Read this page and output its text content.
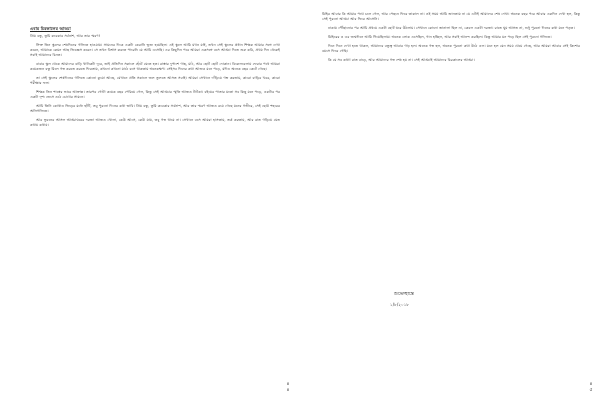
এবার চিরকালের আড্ডা
প্রিয় বন্ধু, তুমি কবেকার সর্বনাশ, আর তার স্মরণ!
সিক্ত তিন স্কুলের শেষদিনের গলিতে হাওয়ায়। সামনের দিকে একটা কেরানি ভূত্য হয়েছিল। এই স্কুলে আমি যখন যাই, তখন সেই স্কুলের প্রধান শিক্ষক আমার সঙ্গে দেখা করেন, আমাকে কেমন আছ জিজ্ঞেস করেন। সে তখন বিশ্বাস করতে পারেনি যে আমি এসেছি। এর কিছুদিন পরে আমরা একসঙ্গে বসে আড্ডা দিতে শুরু করি, প্রথম দিন থেকেই সবাই আমাদের চিনত।
বাবার স্কুল থেকে আমাদের বাড়ি খানিকটা দূরে, তাই প্রতিদিন সকালে হেঁটে যেতে হত। রাস্তার দুপাশে গাছ, মাঠ, আর ছোট ছোট দোকান। বিকেলবেলায় ফেরার পথে আমরা কয়েকজন বন্ধু মিলে গল্প করতে করতে ফিরতাম, কখনো কখনো মাঠে বসে থাকতাম অনেকক্ষণ। সেইসব দিনের কথা আজও মনে পড়ে, যদিও অনেক বছর কেটে গেছে।
তা সেই স্কুলের শেষদিনের গলিতে কোনো কুয়ো আছে, যেখানে প্রতি সকালে জল তুলতে আসত সবাই। আমরা সেখানে দাঁড়িয়ে গল্প করতাম, কারো বাড়ির খবর, কারো পরীক্ষার ফল।
শিক্ষক তিন শাস্ত্রের ভারে আক্রান্ত। তারপর গোটা কয়েক বছর পেরিয়ে গেল, কিন্তু সেই আড্ডার স্মৃতি আজও টাটকা। বইয়ের পাতার মতো সব কিছু মনে পড়ে, একটার পর একটা দৃশ্য ভেসে ওঠে চোখের সামনে।
আমি তিনি কোথাও ভিড়ের মধ্যে হাঁটি, তবু পুরনো দিনের কথা ভাবি। প্রিয় বন্ধু, তুমি কবেকার সর্বনাশ, আর তার স্মরণ আজও রয়ে গেছে মনের গভীরে, সেই ছোট্ট শহরের অলিগলিতে।
আর ভুবনের আসল আড্ডাঘরের দরজা আজও খোলা, কেউ আসে, কেউ যায়, তবু গল্প থামে না। সেখানে বসে আমরা হাসতাম, তর্ক করতাম, আর রাত গড়িয়ে যেত কথায় কথায়।
৪
৪
মিহির আবার কি আমার পথে চলে গেল, আর পেছনে ফিরে তাকাল না। ওই সময় আমি জানতাম না যে এটাই আমাদের শেষ দেখা। অনেক বছর পরে আবার একদিন দেখা হল, কিন্তু সেই পুরনো আড্ডা আর ফিরে আসেনি।
ঢাকায় পৌঁছানোর পর আমি প্রথমে একটা ছোট ঘরে উঠলাম। সেখানে কোনো জানালা ছিল না, কেবল একটা দরজা। রাতে ঘুম আসত না, শুধু পুরনো দিনের কথা মনে পড়ত।
মিহিরের ও এর জন্মদিনে আমি গিয়েছিলাম। অনেক লোক এসেছিল, গান হচ্ছিল, আর সবাই আনন্দ করছিল। কিন্তু আমার মন পড়ে ছিল সেই পুরনো গলিতে।
দিনে দিনে দেখা হতে থাকল, আমাদের বন্ধুত্ব আবার গাঢ় হল। অনেক গল্প হল, অনেক পুরনো কথা উঠে এল। মনে হল যেন সময় থেমে গেছে, আর আমরা আবার সেই কিশোর বয়সে ফিরে গেছি।
কি যে সব কথা! রাত বাড়ে, আর আমাদের গল্প শেষ হয় না। সেই আড্ডাই আমাদের চিরকালের আড্ডা।
শুভেচ্ছান্তে
১/৮/২০১৮
৪
৫
